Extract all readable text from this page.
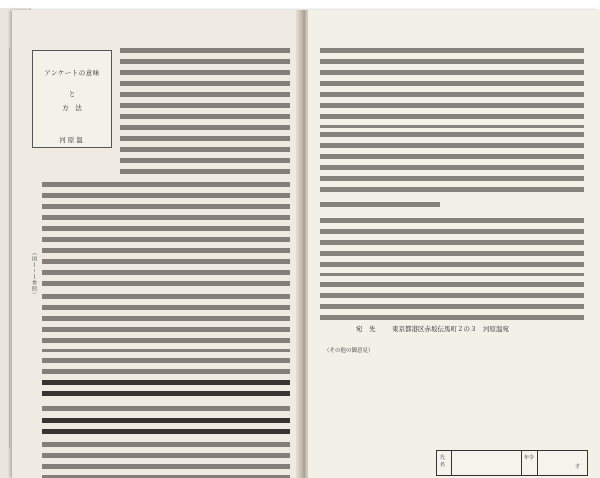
アンケートの意味
と
方　法
河原温
（図１ー１参照）
宛　先	東京都港区赤坂伝馬町２の３　河原温宛
（その他の御意見）
氏名
年令
才
